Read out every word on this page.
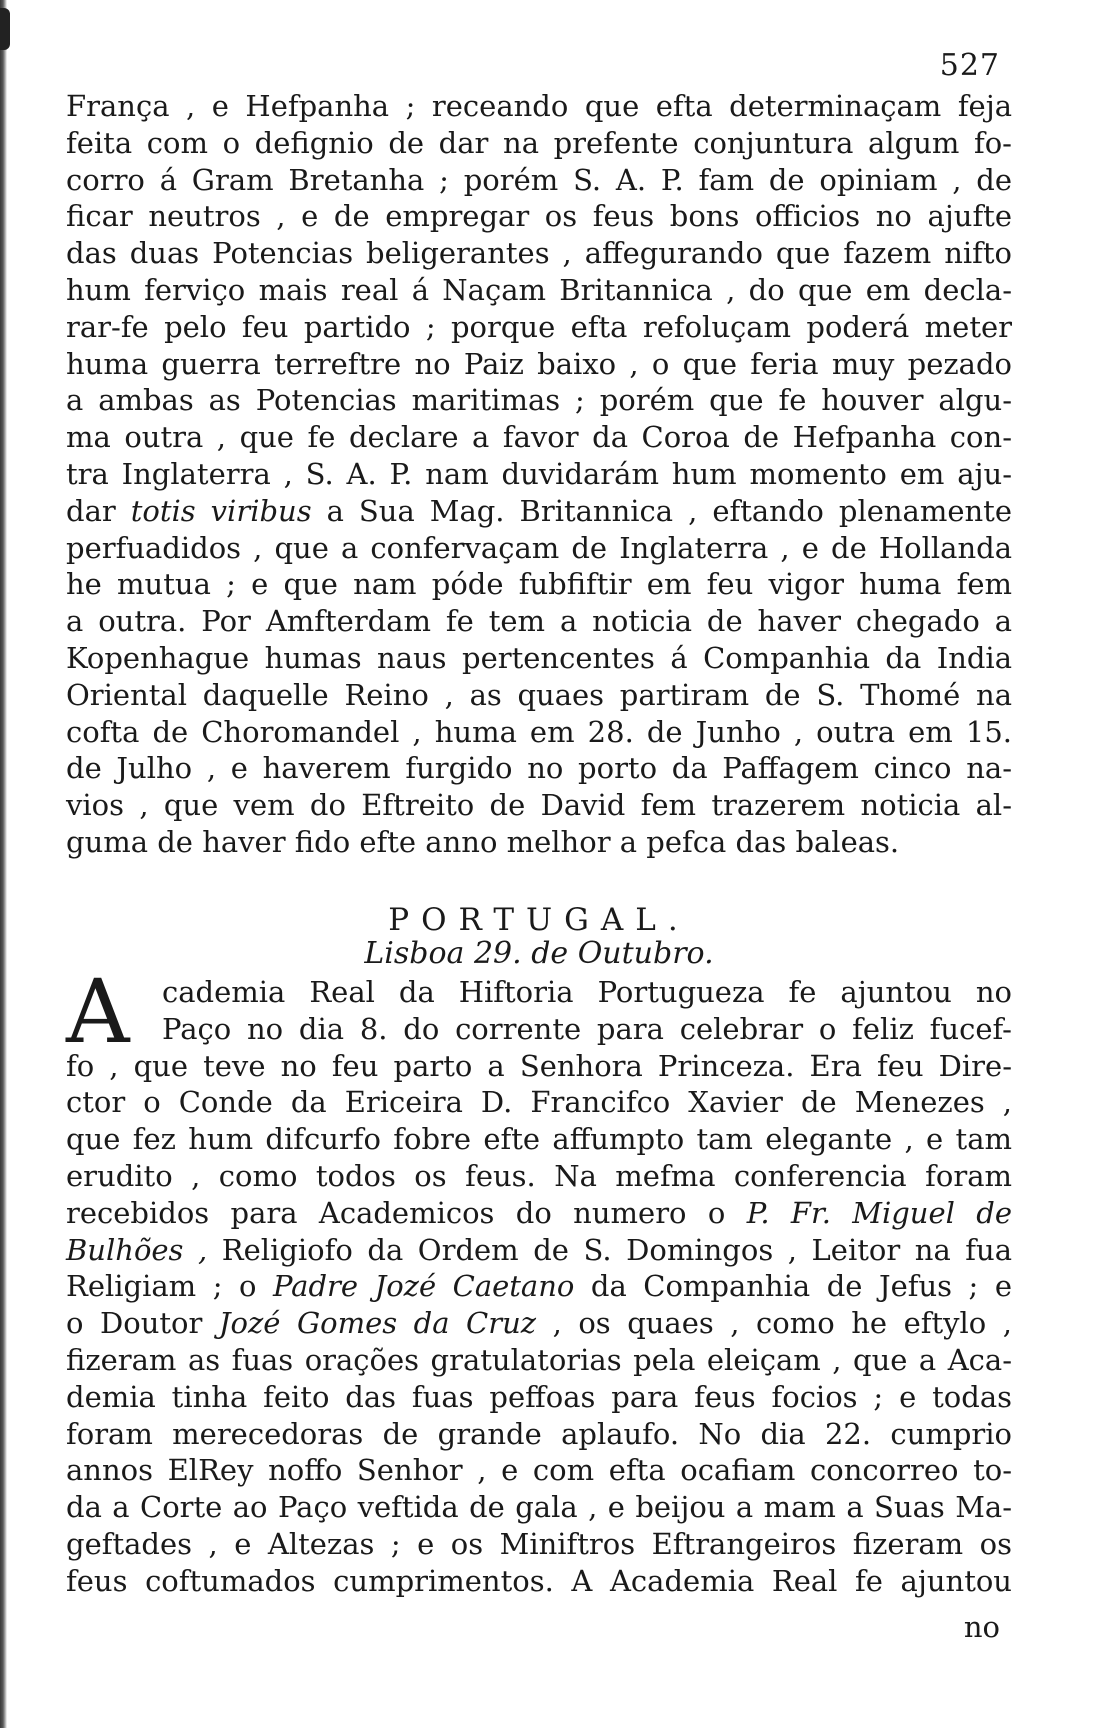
527
França , e Hefpanha ; receando que efta determinaçam feja
feita com o defignio de dar na prefente conjuntura algum fo-
corro á Gram Bretanha ; porém S. A. P. fam de opiniam , de
ficar neutros , e de empregar os feus bons officios no ajufte
das duas Potencias beligerantes , affegurando que fazem nifto
hum ferviço mais real á Naçam Britannica , do que em decla-
rar-fe pelo feu partido ; porque efta refoluçam poderá meter
huma guerra terreftre no Paiz baixo , o que feria muy pezado
a ambas as Potencias maritimas ; porém que fe houver algu-
ma outra , que fe declare a favor da Coroa de Hefpanha con-
tra Inglaterra , S. A. P. nam duvidarám hum momento em aju-
dar totis viribus a Sua Mag. Britannica , eftando plenamente
perfuadidos , que a confervaçam de Inglaterra , e de Hollanda
he mutua ; e que nam póde fubfiftir em feu vigor huma fem
a outra. Por Amfterdam fe tem a noticia de haver chegado a
Kopenhague humas naus pertencentes á Companhia da India
Oriental daquelle Reino , as quaes partiram de S. Thomé na
cofta de Choromandel , huma em 28. de Junho , outra em 15.
de Julho , e haverem furgido no porto da Paffagem cinco na-
vios , que vem do Eftreito de David fem trazerem noticia al-
guma de haver fido efte anno melhor a pefca das baleas.
PORTUGAL.
Lisboa 29. de Outubro.
A	cademia Real da Hiftoria Portugueza fe ajuntou no
Paço no dia 8. do corrente para celebrar o feliz fucef-
fo , que teve no feu parto a Senhora Princeza. Era feu Dire-
ctor o Conde da Ericeira D. Francifco Xavier de Menezes ,
que fez hum difcurfo fobre efte affumpto tam elegante , e tam
erudito , como todos os feus. Na mefma conferencia foram
recebidos para Academicos do numero o P. Fr. Miguel de
Bulhões , Religiofo da Ordem de S. Domingos , Leitor na fua
Religiam ; o Padre Jozé Caetano da Companhia de Jefus ; e
o Doutor Jozé Gomes da Cruz , os quaes , como he eftylo ,
fizeram as fuas orações gratulatorias pela eleiçam , que a Aca-
demia tinha feito das fuas peffoas para feus focios ; e todas
foram merecedoras de grande aplaufo. No dia 22. cumprio
annos ElRey noffo Senhor , e com efta ocafiam concorreo to-
da a Corte ao Paço veftida de gala , e beijou a mam a Suas Ma-
geftades , e Altezas ; e os Miniftros Eftrangeiros fizeram os
feus coftumados cumprimentos. A Academia Real fe ajuntou
no
